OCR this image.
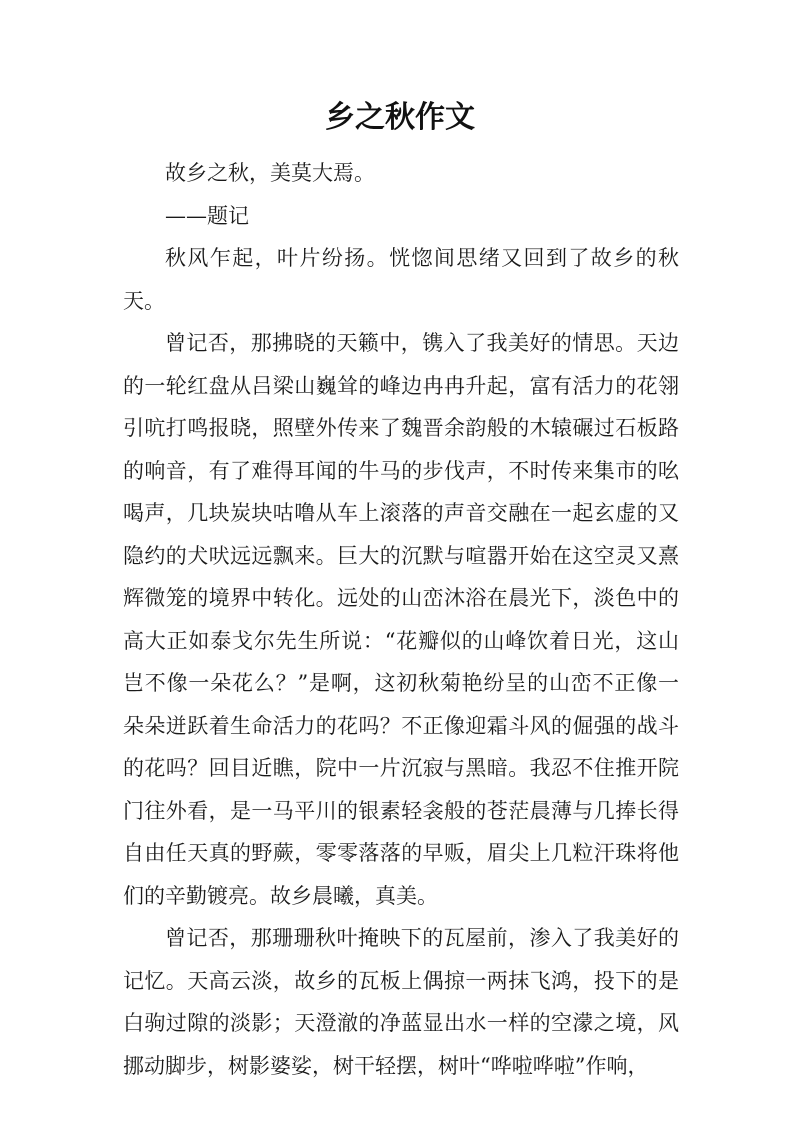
乡之秋作文

故乡之秋，美莫大焉。

——题记

秋风乍起，叶片纷扬。恍惚间思绪又回到了故乡的秋天。

曾记否，那拂晓的天籁中，镌入了我美好的情思。天边的一轮红盘从吕梁山巍耸的峰边冉冉升起，富有活力的花翎引吭打鸣报晓，照壁外传来了魏晋余韵般的木辕碾过石板路的响音，有了难得耳闻的牛马的步伐声，不时传来集市的吆喝声，几块炭块咕噜从车上滚落的声音交融在一起玄虚的又隐约的犬吠远远飘来。巨大的沉默与喧嚣开始在这空灵又熹辉微笼的境界中转化。远处的山峦沐浴在晨光下，淡色中的高大正如泰戈尔先生所说：“花瓣似的山峰饮着日光，这山岂不像一朵花么？”是啊，这初秋菊艳纷呈的山峦不正像一朵朵迸跃着生命活力的花吗？不正像迎霜斗风的倔强的战斗的花吗？回目近瞧，院中一片沉寂与黑暗。我忍不住推开院门往外看，是一马平川的银素轻衾般的苍茫晨薄与几捧长得自由任天真的野蕨，零零落落的早贩，眉尖上几粒汗珠将他们的辛勤镀亮。故乡晨曦，真美。

曾记否，那珊珊秋叶掩映下的瓦屋前，渗入了我美好的记忆。天高云淡，故乡的瓦板上偶掠一两抹飞鸿，投下的是白驹过隙的淡影；天澄澈的净蓝显出水一样的空濛之境，风挪动脚步，树影婆娑，树干轻摆，树叶“哗啦哗啦”作响，
